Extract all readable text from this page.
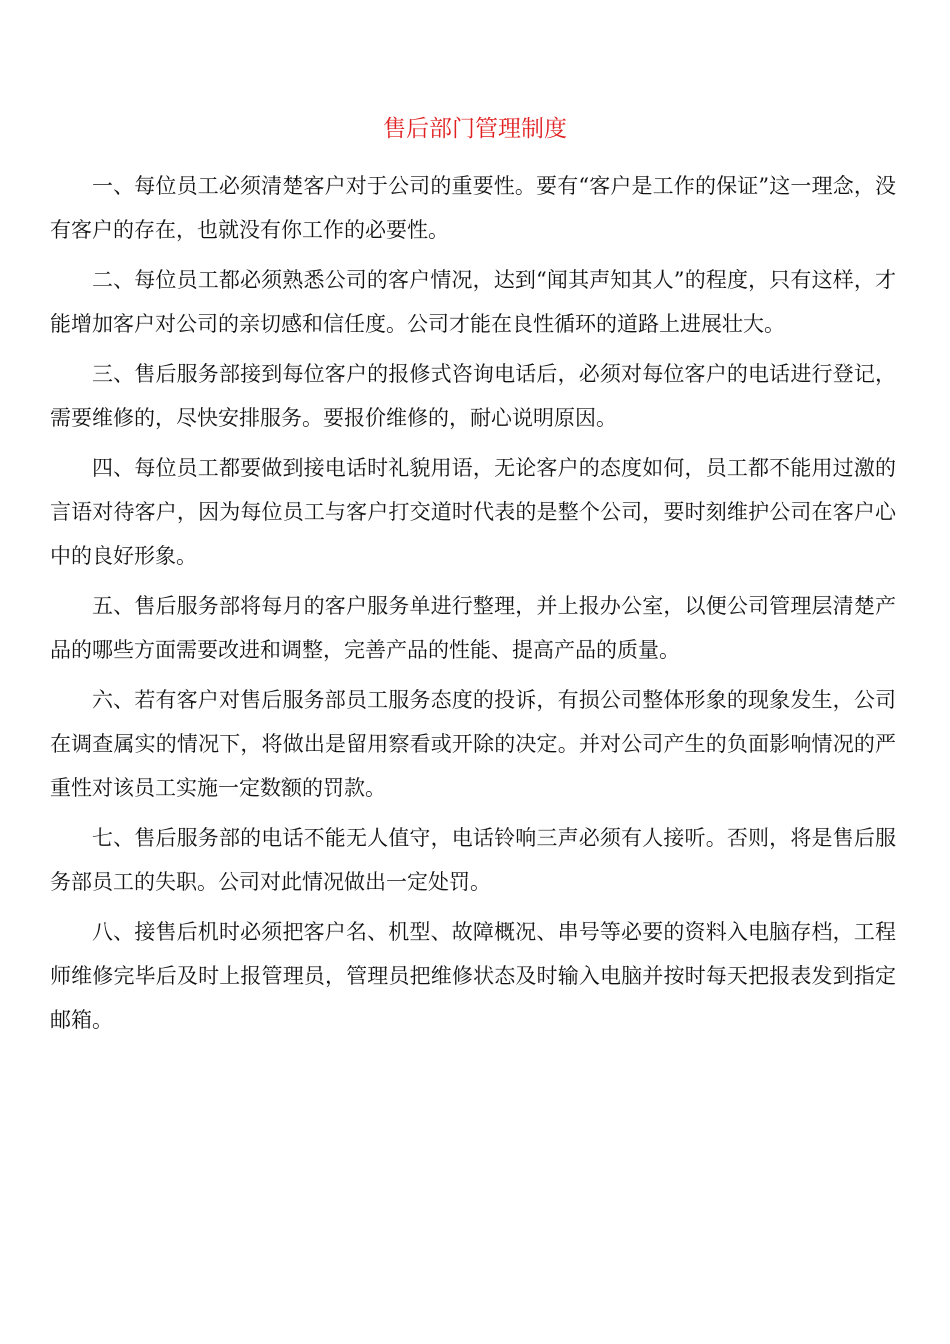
售后部门管理制度

一、每位员工必须清楚客户对于公司的重要性。要有“客户是工作的保证”这一理念，没有客户的存在，也就没有你工作的必要性。

二、每位员工都必须熟悉公司的客户情况，达到“闻其声知其人”的程度，只有这样，才能增加客户对公司的亲切感和信任度。公司才能在良性循环的道路上进展壮大。

三、售后服务部接到每位客户的报修式咨询电话后，必须对每位客户的电话进行登记，需要维修的，尽快安排服务。要报价维修的，耐心说明原因。

四、每位员工都要做到接电话时礼貌用语，无论客户的态度如何，员工都不能用过激的言语对待客户，因为每位员工与客户打交道时代表的是整个公司，要时刻维护公司在客户心中的良好形象。

五、售后服务部将每月的客户服务单进行整理，并上报办公室，以便公司管理层清楚产品的哪些方面需要改进和调整，完善产品的性能、提高产品的质量。

六、若有客户对售后服务部员工服务态度的投诉，有损公司整体形象的现象发生，公司在调查属实的情况下，将做出是留用察看或开除的决定。并对公司产生的负面影响情况的严重性对该员工实施一定数额的罚款。

七、售后服务部的电话不能无人值守，电话铃响三声必须有人接听。否则，将是售后服务部员工的失职。公司对此情况做出一定处罚。

八、接售后机时必须把客户名、机型、故障概况、串号等必要的资料入电脑存档，工程师维修完毕后及时上报管理员，管理员把维修状态及时输入电脑并按时每天把报表发到指定邮箱。
